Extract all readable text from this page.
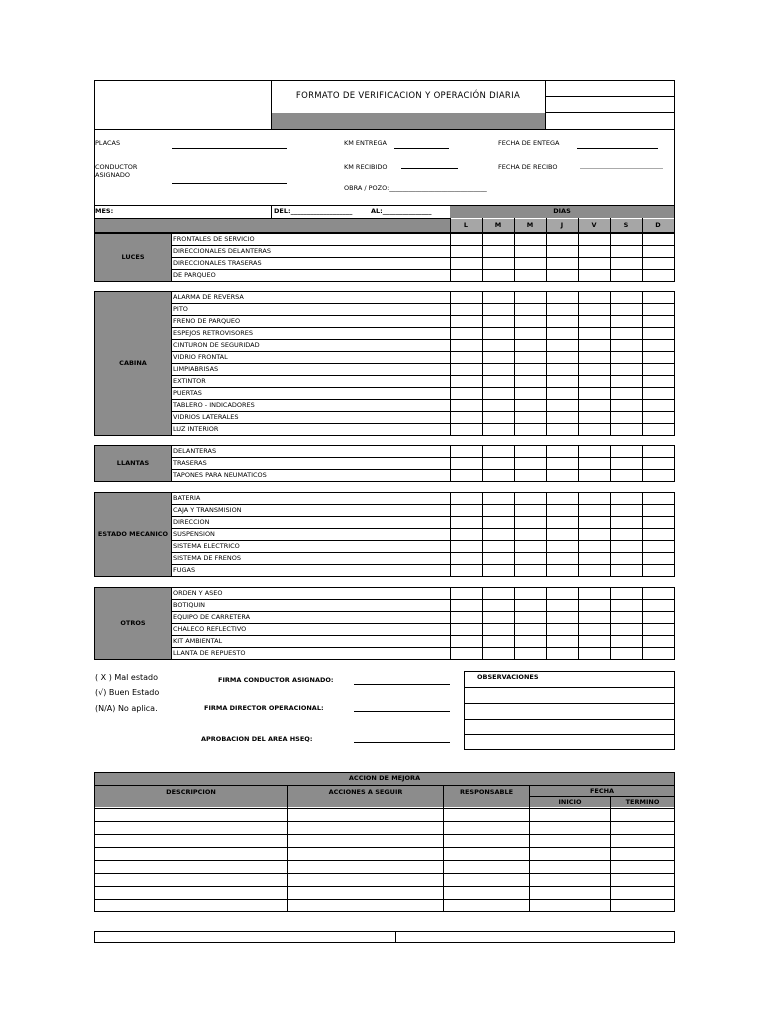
FORMATO DE VERIFICACION Y OPERACIÓN DIARIA
PLACAS	KM ENTREGA	FECHA DE ENTEGA
CONDUCTOR ASIGNADO
KM RECIBIDO	FECHA DE RECIBO
OBRA / POZO:______________________________
MES:	DEL:___________________	AL:_______________	DIAS
L	M	M	J	V	S	D
LUCES	FRONTALES DE SERVICIO							
	DIRECCIONALES DELANTERAS							
	DIRECCIONALES TRASERAS							
	DE PARQUEO							
CABINA	ALARMA DE REVERSA							
	PITO							
	FRENO DE PARQUEO							
	ESPEJOS RETROVISORES							
	CINTURON DE SEGURIDAD							
	VIDRIO FRONTAL							
	LIMPIABRISAS							
	EXTINTOR							
	PUERTAS							
	TABLERO - INDICADORES							
	VIDRIOS LATERALES							
	LUZ INTERIOR							
LLANTAS	DELANTERAS							
	TRASERAS							
	TAPONES PARA NEUMATICOS							
ESTADO MECANICO	BATERIA							
	CAJA Y TRANSMISION							
	DIRECCION							
	SUSPENSION							
	SISTEMA ELECTRICO							
	SISTEMA DE FRENOS							
	FUGAS							
OTROS	ORDEN Y ASEO							
	BOTIQUIN							
	EQUIPO DE CARRETERA							
	CHALECO REFLECTIVO							
	KIT AMBIENTAL							
	LLANTA DE REPUESTO							
( X ) Mal estado
(√) Buen Estado
(N/A) No aplica.
FIRMA CONDUCTOR ASIGNADO:
FIRMA DIRECTOR OPERACIONAL:
APROBACION DEL AREA HSEQ:
OBSERVACIONES
ACCION DE MEJORA
DESCRIPCION	ACCIONES A SEGUIR	RESPONSABLE	FECHA
INICIO	TERMINO
